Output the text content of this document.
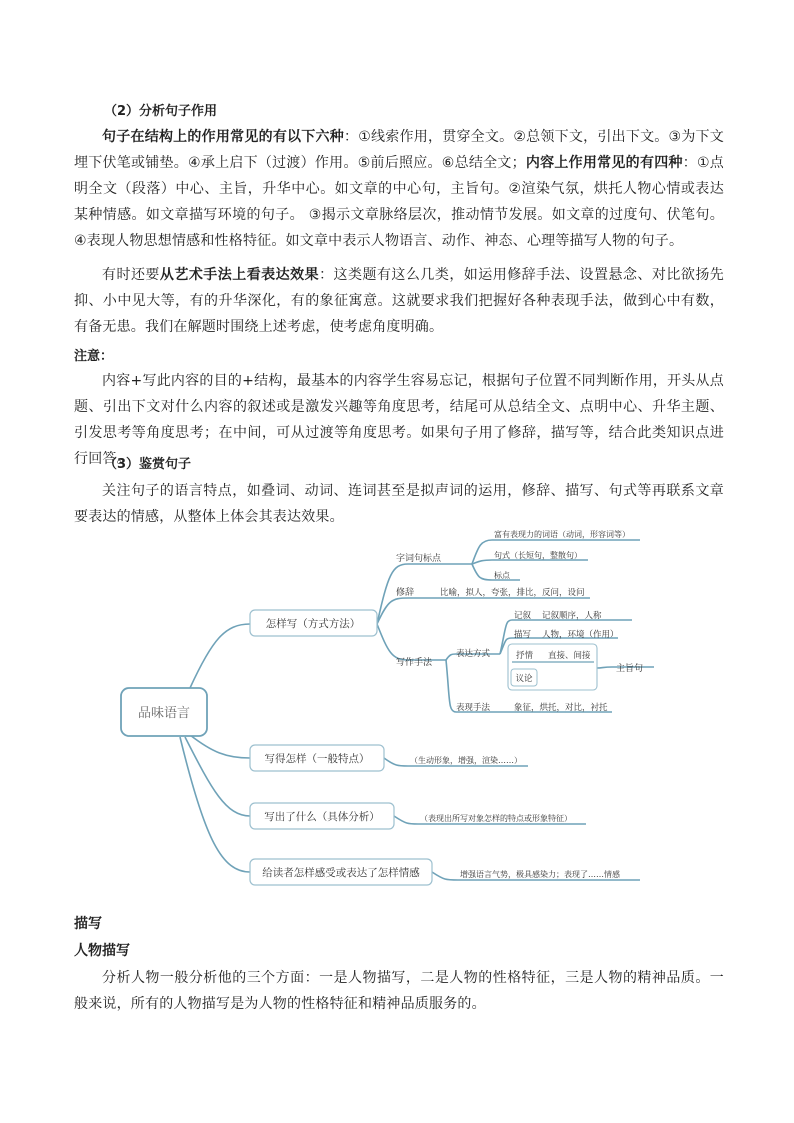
（2）分析句子作用
句子在结构上的作用常见的有以下六种：①线索作用，贯穿全文。②总领下文，引出下文。③为下文埋下伏笔或铺垫。④承上启下（过渡）作用。⑤前后照应。⑥总结全文；内容上作用常见的有四种：①点明全文（段落）中心、主旨，升华中心。如文章的中心句，主旨句。②渲染气氛，烘托人物心情或表达某种情感。如文章描写环境的句子。 ③揭示文章脉络层次，推动情节发展。如文章的过度句、伏笔句。④表现人物思想情感和性格特征。如文章中表示人物语言、动作、神态、心理等描写人物的句子。
有时还要从艺术手法上看表达效果：这类题有这么几类，如运用修辞手法、设置悬念、对比欲扬先抑、小中见大等，有的升华深化，有的象征寓意。这就要求我们把握好各种表现手法，做到心中有数，有备无患。我们在解题时围绕上述考虑，使考虑角度明确。
注意：
内容+写此内容的目的+结构，最基本的内容学生容易忘记，根据句子位置不同判断作用，开头从点题、引出下文对什么内容的叙述或是激发兴趣等角度思考，结尾可从总结全文、点明中心、升华主题、引发思考等角度思考；在中间，可从过渡等角度思考。如果句子用了修辞，描写等，结合此类知识点进行回答。
（3）鉴赏句子
关注句子的语言特点，如叠词、动词、连词甚至是拟声词的运用，修辞、描写、句式等再联系文章要表达的情感，从整体上体会其表达效果。
品味语言
怎样写（方式方法）
字词句标点
富有表现力的词语（动词，形容词等）
句式（长短句，整散句）
标点
修辞	比喻，拟人，夸张，排比，反问，设问
写作手法
表达方式
记叙 记叙顺序，人称
描写 人物，环境（作用）
抒情 直接、间接
议论
主旨句
表现手法	象征，烘托，对比，衬托
写得怎样（一般特点）	（生动形象，增强，渲染……）
写出了什么（具体分析）	（表现出所写对象怎样的特点或形象特征）
给读者怎样感受或表达了怎样情感	增强语言气势，极具感染力；表现了……情感
描写
人物描写
分析人物一般分析他的三个方面：一是人物描写，二是人物的性格特征，三是人物的精神品质。一般来说，所有的人物描写是为人物的性格特征和精神品质服务的。
